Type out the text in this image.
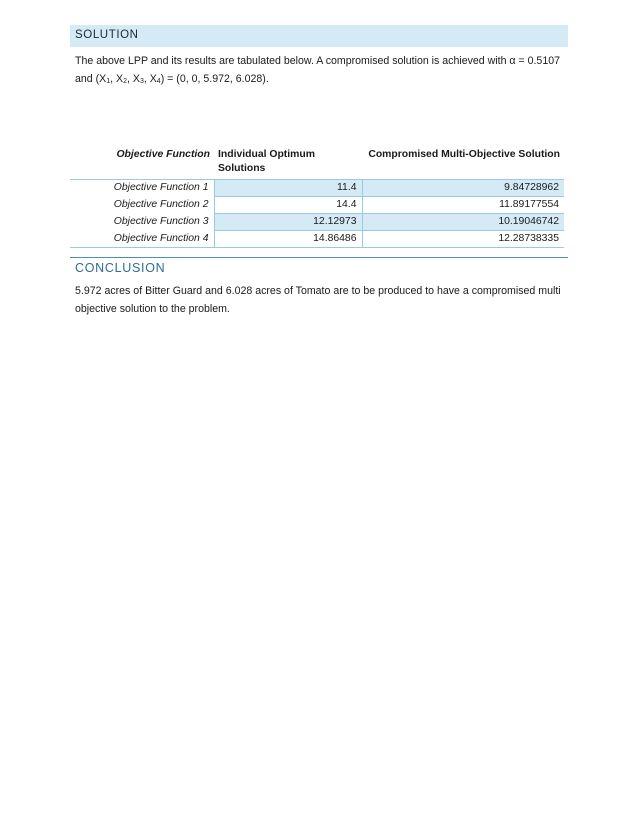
SOLUTION
The above LPP and its results are tabulated below. A compromised solution is achieved with α = 0.5107 and ($X_1$, $X_2$, $X_3$, $X_4) = (0$, 0, 5.972, 6.028).
Objective Function	Individual Optimum Solutions	Compromised Multi-Objective Solution
Objective Function 1	11.4	9.84728962
Objective Function 2	14.4	11.89177554
Objective Function 3	12.12973	10.19046742
Objective Function 4	14.86486	12.28738335
CONCLUSION
5.972 acres of Bitter Guard and 6.028 acres of Tomato are to be produced to have a compromised multi objective solution to the problem.
